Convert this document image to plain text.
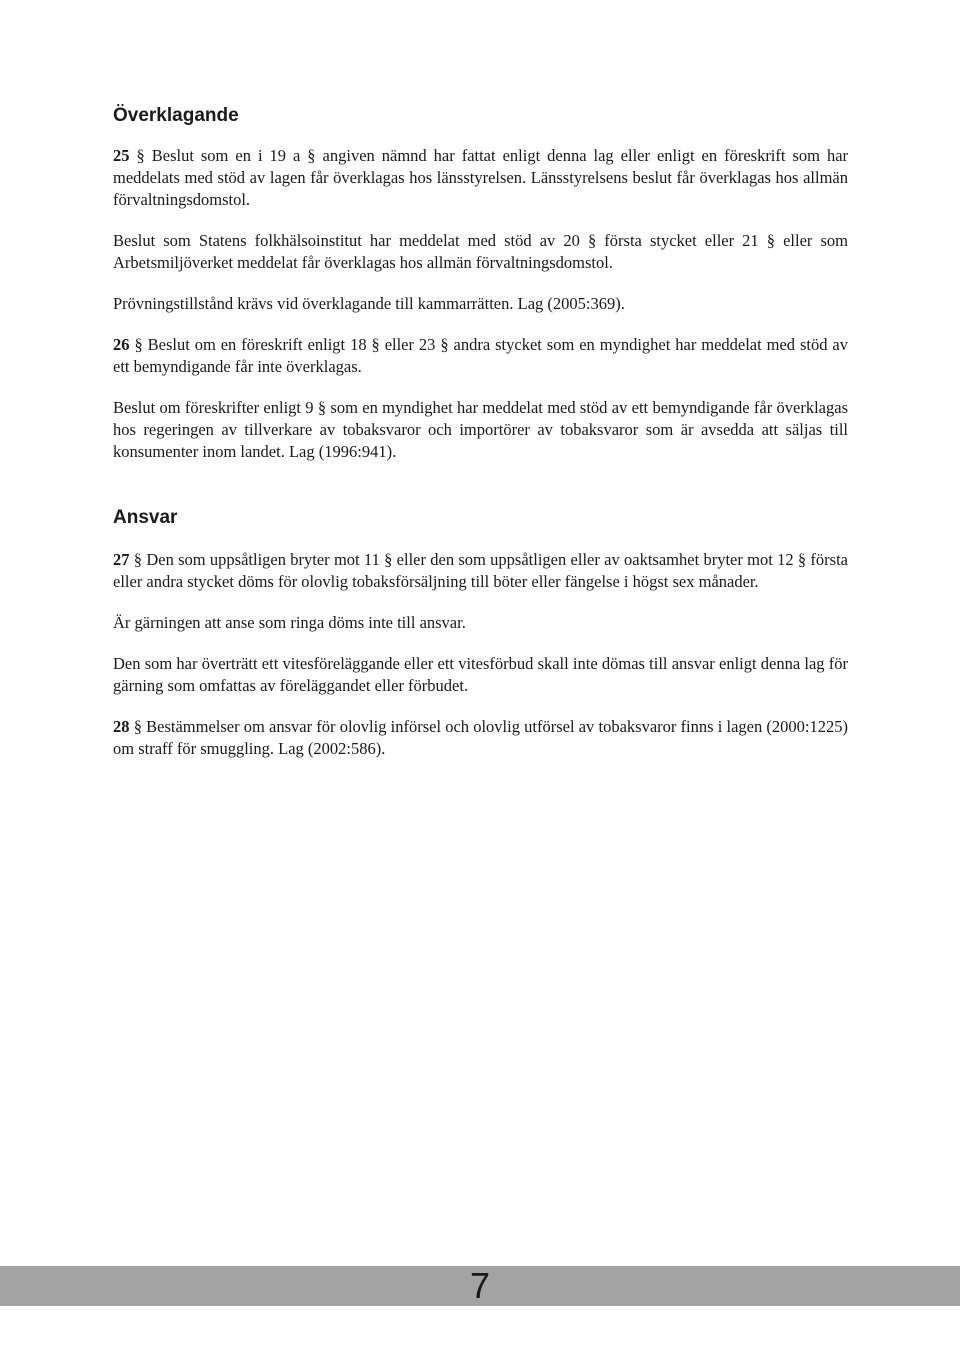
Överklagande

25 § Beslut som en i 19 a § angiven nämnd har fattat enligt denna lag eller enligt en föreskrift som har meddelats med stöd av lagen får överklagas hos länsstyrelsen. Länsstyrelsens beslut får överklagas hos allmän förvaltningsdomstol.

Beslut som Statens folkhälsoinstitut har meddelat med stöd av 20 § första stycket eller 21 § eller som Arbetsmiljöverket meddelat får överklagas hos allmän förvaltningsdomstol.

Prövningstillstånd krävs vid överklagande till kammarrätten. Lag (2005:369).

26 § Beslut om en föreskrift enligt 18 § eller 23 § andra stycket som en myndighet har meddelat med stöd av ett bemyndigande får inte överklagas.

Beslut om föreskrifter enligt 9 § som en myndighet har meddelat med stöd av ett bemyndigande får överklagas hos regeringen av tillverkare av tobaksvaror och importörer av tobaksvaror som är avsedda att säljas till konsumenter inom landet. Lag (1996:941).

Ansvar

27 § Den som uppsåtligen bryter mot 11 § eller den som uppsåtligen eller av oaktsamhet bryter mot 12 § första eller andra stycket döms för olovlig tobaksförsäljning till böter eller fängelse i högst sex månader.

Är gärningen att anse som ringa döms inte till ansvar.

Den som har överträtt ett vitesföreläggande eller ett vitesförbud skall inte dömas till ansvar enligt denna lag för gärning som omfattas av föreläggandet eller förbudet.

28 § Bestämmelser om ansvar för olovlig införsel och olovlig utförsel av tobaksvaror finns i lagen (2000:1225) om straff för smuggling. Lag (2002:586).

7
